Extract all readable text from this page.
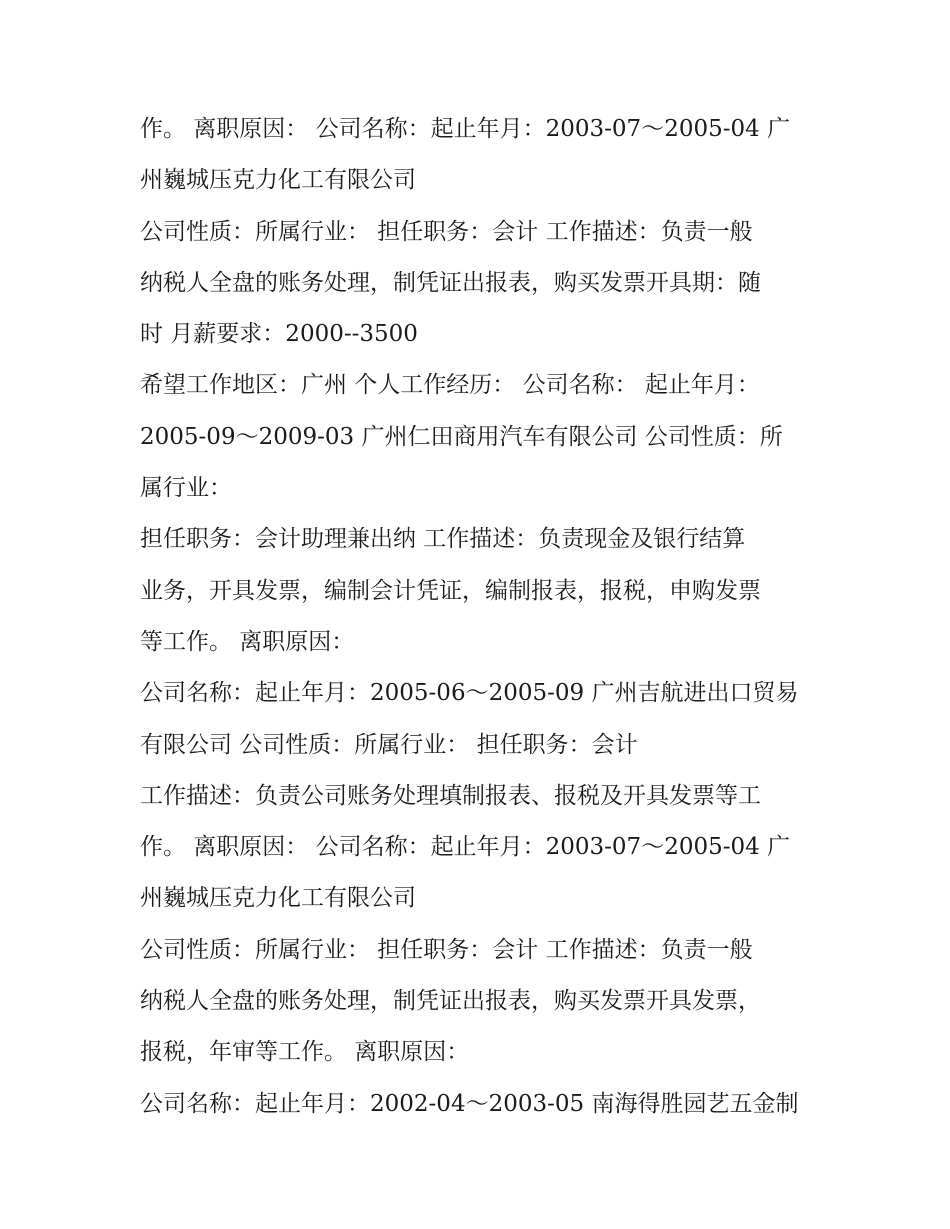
作。 离职原因： 公司名称：起止年月：2003-07～2005-04 广
州巍城压克力化工有限公司
公司性质：所属行业： 担任职务：会计 工作描述：负责一般
纳税人全盘的账务处理，制凭证出报表，购买发票开具期：随
时 月薪要求：2000--3500
希望工作地区：广州 个人工作经历： 公司名称： 起止年月：
2005-09～2009-03 广州仁田商用汽车有限公司 公司性质：所
属行业：
担任职务：会计助理兼出纳 工作描述：负责现金及银行结算
业务，开具发票，编制会计凭证，编制报表，报税，申购发票
等工作。 离职原因：
公司名称：起止年月：2005-06～2005-09 广州吉航进出口贸易
有限公司 公司性质：所属行业： 担任职务：会计
工作描述：负责公司账务处理填制报表、报税及开具发票等工
作。 离职原因： 公司名称：起止年月：2003-07～2005-04 广
州巍城压克力化工有限公司
公司性质：所属行业： 担任职务：会计 工作描述：负责一般
纳税人全盘的账务处理，制凭证出报表，购买发票开具发票，
报税，年审等工作。 离职原因：
公司名称：起止年月：2002-04～2003-05 南海得胜园艺五金制
